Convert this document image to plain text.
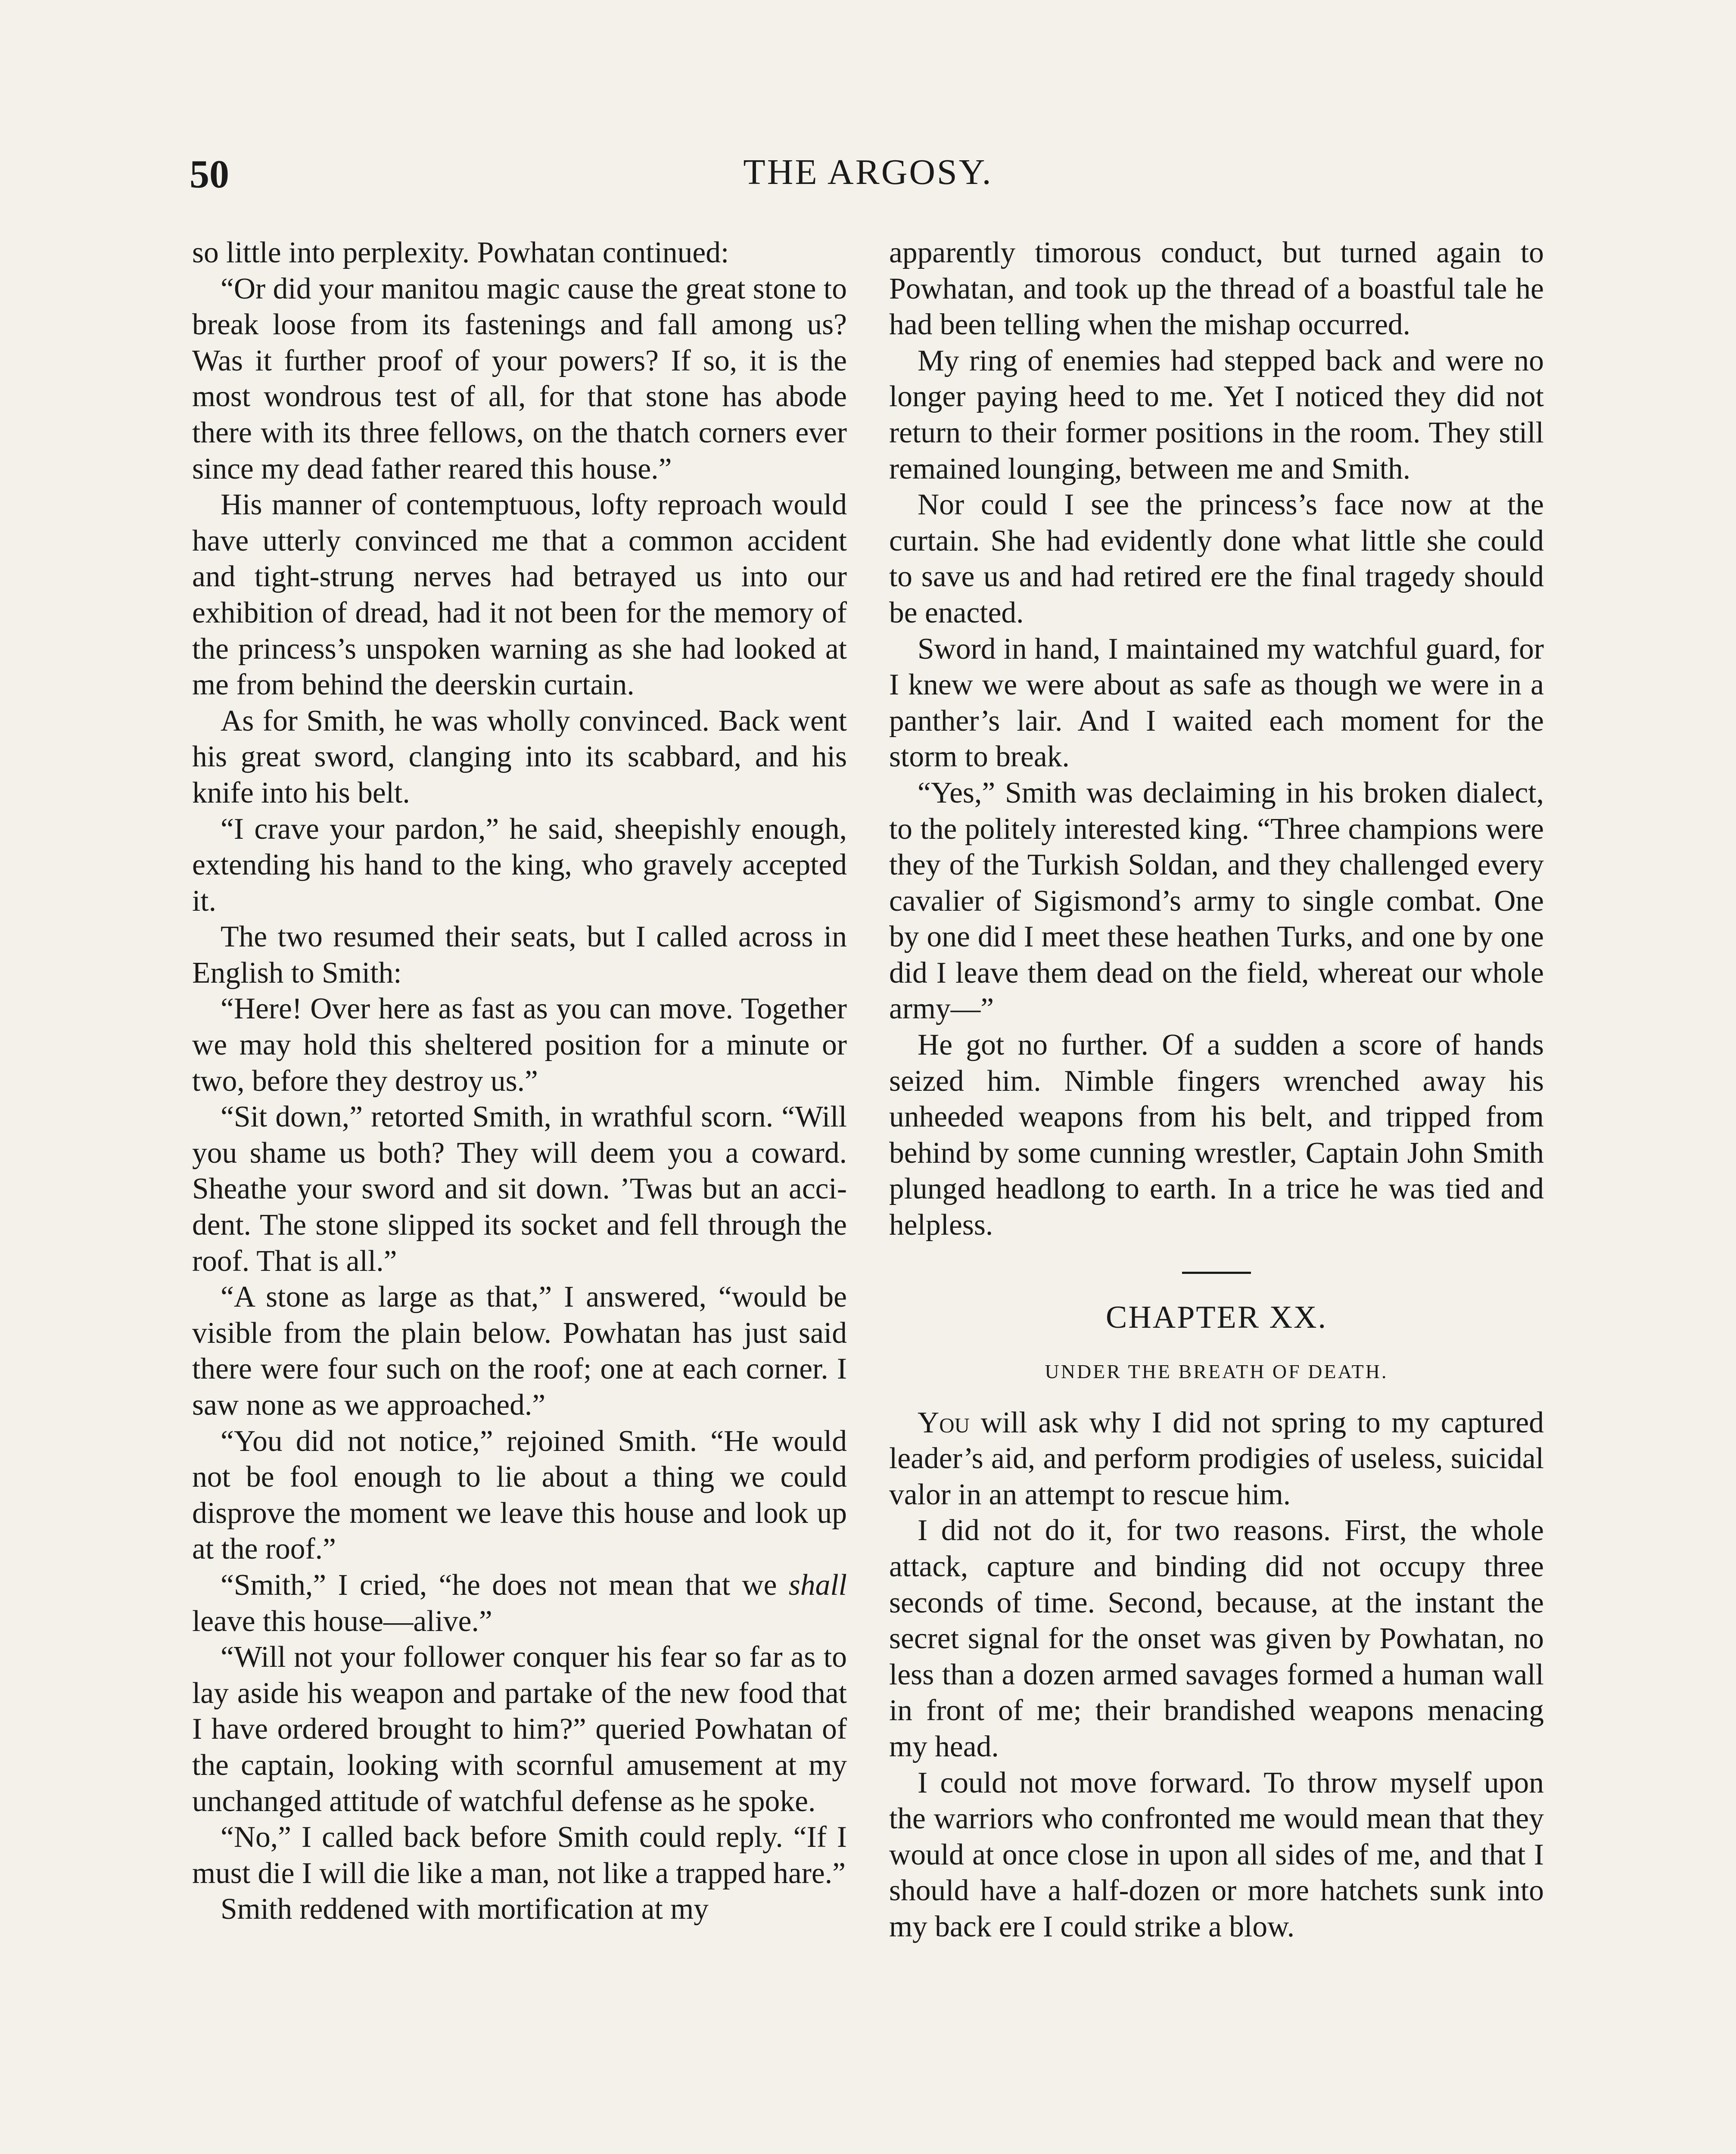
50	THE ARGOSY.

so little into perplexity. Powhatan continued:

“Or did your manitou magic cause the great stone to break loose from its fastenings and fall among us? Was it further proof of your powers? If so, it is the most wondrous test of all, for that stone has abode there with its three fellows, on the thatch corners ever since my dead father reared this house.”

His manner of contemptuous, lofty reproach would have utterly convinced me that a common accident and tight-strung nerves had betrayed us into our exhibition of dread, had it not been for the memory of the princess’s unspoken warning as she had looked at me from behind the deerskin curtain.

As for Smith, he was wholly convinced. Back went his great sword, clanging into its scabbard, and his knife into his belt.

“I crave your pardon,” he said, sheepishly enough, extending his hand to the king, who gravely accepted it.

The two resumed their seats, but I called across in English to Smith:

“Here! Over here as fast as you can move. Together we may hold this sheltered position for a minute or two, before they destroy us.”

“Sit down,” retorted Smith, in wrathful scorn. “Will you shame us both? They will deem you a coward. Sheathe your sword and sit down. ’Twas but an accident. The stone slipped its socket and fell through the roof. That is all.”

“A stone as large as that,” I answered, “would be visible from the plain below. Powhatan has just said there were four such on the roof; one at each corner. I saw none as we approached.”

“You did not notice,” rejoined Smith. “He would not be fool enough to lie about a thing we could disprove the moment we leave this house and look up at the roof.”

“Smith,” I cried, “he does not mean that we shall leave this house—alive.”

“Will not your follower conquer his fear so far as to lay aside his weapon and partake of the new food that I have ordered brought to him?” queried Powhatan of the captain, looking with scornful amusement at my unchanged attitude of watchful defense as he spoke.

“No,” I called back before Smith could reply. “If I must die I will die like a man, not like a trapped hare.”

Smith reddened with mortification at my

apparently timorous conduct, but turned again to Powhatan, and took up the thread of a boastful tale he had been telling when the mishap occurred.

My ring of enemies had stepped back and were no longer paying heed to me. Yet I noticed they did not return to their former positions in the room. They still remained lounging, between me and Smith.

Nor could I see the princess’s face now at the curtain. She had evidently done what little she could to save us and had retired ere the final tragedy should be enacted.

Sword in hand, I maintained my watchful guard, for I knew we were about as safe as though we were in a panther’s lair. And I waited each moment for the storm to break.

“Yes,” Smith was declaiming in his broken dialect, to the politely interested king. “Three champions were they of the Turkish Soldan, and they challenged every cavalier of Sigismond’s army to single combat. One by one did I meet these heathen Turks, and one by one did I leave them dead on the field, whereat our whole army—”

He got no further. Of a sudden a score of hands seized him. Nimble fingers wrenched away his unheeded weapons from his belt, and tripped from behind by some cunning wrestler, Captain John Smith plunged headlong to earth. In a trice he was tied and helpless.

CHAPTER XX.
UNDER THE BREATH OF DEATH.

You will ask why I did not spring to my captured leader’s aid, and perform prodigies of useless, suicidal valor in an attempt to rescue him.

I did not do it, for two reasons. First, the whole attack, capture and binding did not occupy three seconds of time. Second, because, at the instant the secret signal for the onset was given by Powhatan, no less than a dozen armed savages formed a human wall in front of me; their brandished weapons menacing my head.

I could not move forward. To throw myself upon the warriors who confronted me would mean that they would at once close in upon all sides of me, and that I should have a half-dozen or more hatchets sunk into my back ere I could strike a blow.
